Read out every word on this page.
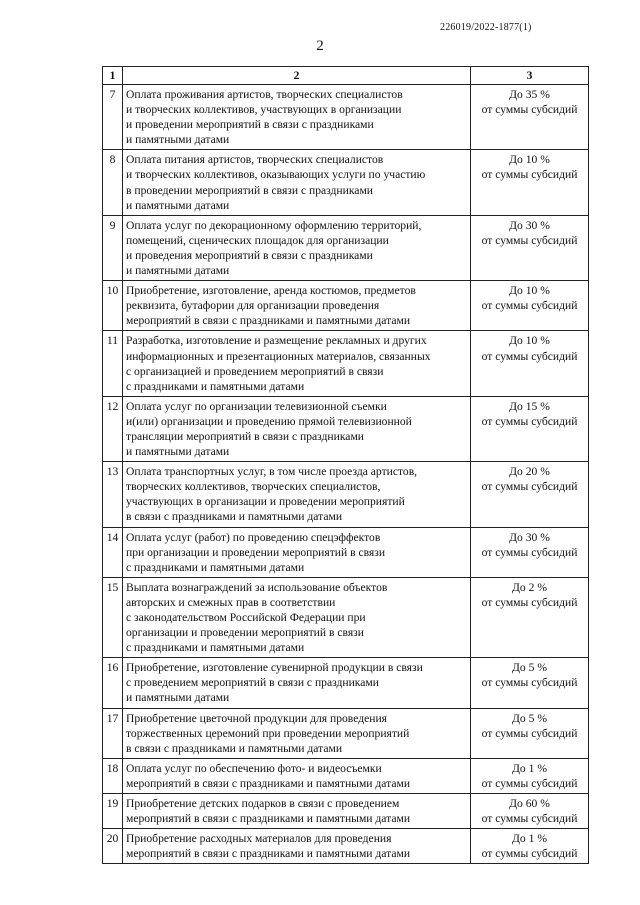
226019/2022-1877(1)
2
1	2	3
7	Оплата проживания артистов, творческих специалистов
и творческих коллективов, участвующих в организации
и проведении мероприятий в связи с праздниками
и памятными датами	До 35 %
от суммы субсидий

8	Оплата питания артистов, творческих специалистов
и творческих коллективов, оказывающих услуги по участию
в проведении мероприятий в связи с праздниками
и памятными датами	До 10 %
от суммы субсидий

9	Оплата услуг по декорационному оформлению территорий,
помещений, сценических площадок для организации
и проведения мероприятий в связи с праздниками
и памятными датами	До 30 %
от суммы субсидий

10	Приобретение, изготовление, аренда костюмов, предметов
реквизита, бутафории для организации проведения
мероприятий в связи с праздниками и памятными датами	До 10 %
от суммы субсидий

11	Разработка, изготовление и размещение рекламных и других
информационных и презентационных материалов, связанных
с организацией и проведением мероприятий в связи
с праздниками и памятными датами	До 10 %
от суммы субсидий

12	Оплата услуг по организации телевизионной съемки
и(или) организации и проведению прямой телевизионной
трансляции мероприятий в связи с праздниками
и памятными датами	До 15 %
от суммы субсидий

13	Оплата транспортных услуг, в том числе проезда артистов,
творческих коллективов, творческих специалистов,
участвующих в организации и проведении мероприятий
в связи с праздниками и памятными датами	До 20 %
от суммы субсидий

14	Оплата услуг (работ) по проведению спецэффектов
при организации и проведении мероприятий в связи
с праздниками и памятными датами	До 30 %
от суммы субсидий

15	Выплата вознаграждений за использование объектов
авторских и смежных прав в соответствии
с законодательством Российской Федерации при
организации и проведении мероприятий в связи
с праздниками и памятными датами	До 2 %
от суммы субсидий

16	Приобретение, изготовление сувенирной продукции в связи
с проведением мероприятий в связи с праздниками
и памятными датами	До 5 %
от суммы субсидий

17	Приобретение цветочной продукции для проведения
торжественных церемоний при проведении мероприятий
в связи с праздниками и памятными датами	До 5 %
от суммы субсидий

18	Оплата услуг по обеспечению фото- и видеосъемки
мероприятий в связи с праздниками и памятными датами	До 1 %
от суммы субсидий

19	Приобретение детских подарков в связи с проведением
мероприятий в связи с праздниками и памятными датами	До 60 %
от суммы субсидий

20	Приобретение расходных материалов для проведения
мероприятий в связи с праздниками и памятными датами	До 1 %
от суммы субсидий
